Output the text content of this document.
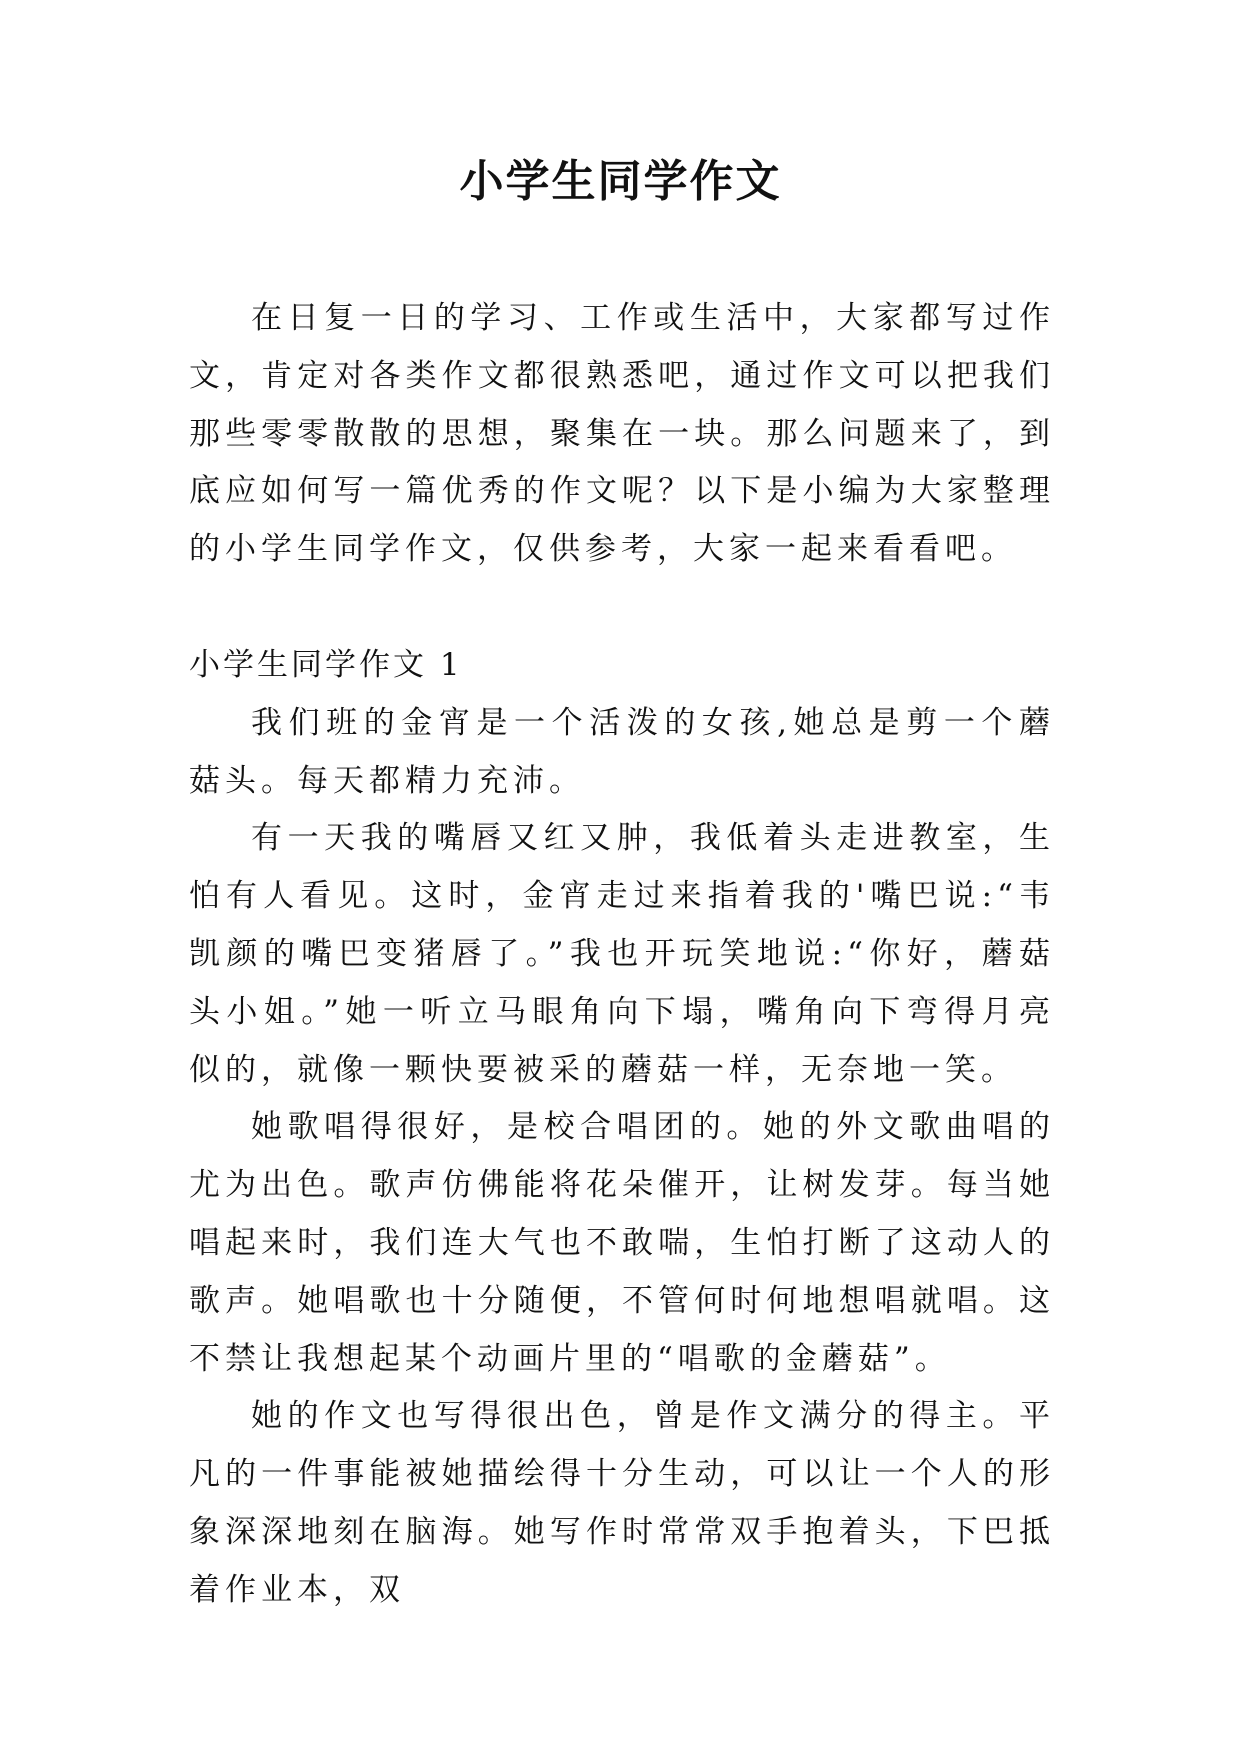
小学生同学作文

在日复一日的学习、工作或生活中，大家都写过作文，肯定对各类作文都很熟悉吧，通过作文可以把我们那些零零散散的思想，聚集在一块。那么问题来了，到底应如何写一篇优秀的作文呢？以下是小编为大家整理的小学生同学作文，仅供参考，大家一起来看看吧。

小学生同学作文 1

我们班的金宵是一个活泼的女孩,她总是剪一个蘑菇头。每天都精力充沛。

有一天我的嘴唇又红又肿，我低着头走进教室，生怕有人看见。这时，金宵走过来指着我的'嘴巴说:“韦凯颜的嘴巴变猪唇了。”我也开玩笑地说:“你好，蘑菇头小姐。”她一听立马眼角向下塌，嘴角向下弯得月亮似的，就像一颗快要被采的蘑菇一样，无奈地一笑。

她歌唱得很好，是校合唱团的。她的外文歌曲唱的尤为出色。歌声仿佛能将花朵催开，让树发芽。每当她唱起来时，我们连大气也不敢喘，生怕打断了这动人的歌声。她唱歌也十分随便，不管何时何地想唱就唱。这不禁让我想起某个动画片里的“唱歌的金蘑菇”。

她的作文也写得很出色，曾是作文满分的得主。平凡的一件事能被她描绘得十分生动，可以让一个人的形象深深地刻在脑海。她写作时常常双手抱着头，下巴抵着作业本，双
